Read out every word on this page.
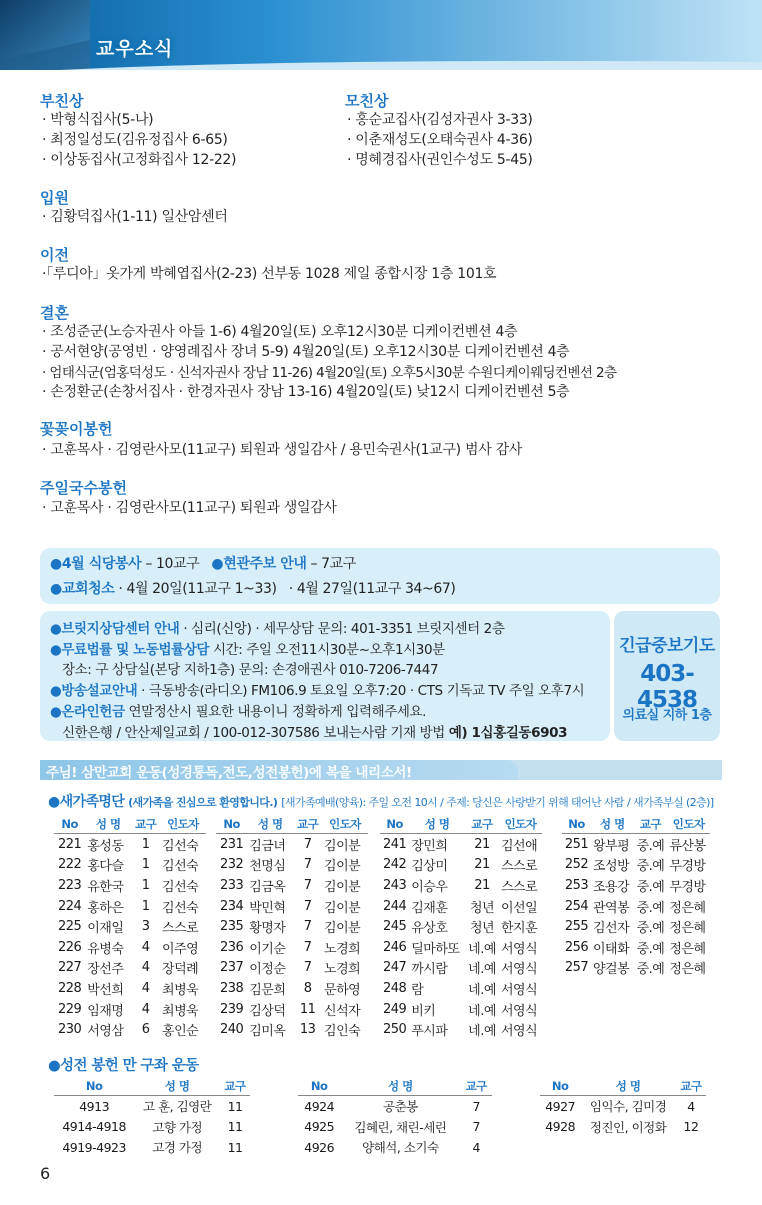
교우소식
부친상
· 박형식집사(5-나)
· 최정일성도(김유정집사 6-65)
· 이상동집사(고정화집사 12-22)
모친상
· 홍순교집사(김성자권사 3-33)
· 이춘재성도(오태숙권사 4-36)
· 명혜경집사(권인수성도 5-45)
입원
· 김황덕집사(1-11) 일산암센터
이전
·「루디아」옷가게 박혜엽집사(2-23) 선부동 1028 제일 종합시장 1층 101호
결혼
· 조성준군(노승자권사 아들 1-6) 4월20일(토) 오후12시30분 디케이컨벤션 4층
· 공서현양(공영빈 · 양영례집사 장녀 5-9) 4월20일(토) 오후12시30분 디케이컨벤션 4층
· 엄태식군(엄홍덕성도 · 신석자권사 장남 11-26) 4월20일(토) 오후5시30분 수원디케이웨딩컨벤션 2층
· 손정환군(손창서집사 · 한경자권사 장남 13-16) 4월20일(토) 낮12시 디케이컨벤션 5층
꽃꽂이봉헌
· 고훈목사 · 김영란사모(11교구) 퇴원과 생일감사 / 용민숙권사(1교구) 범사 감사
주일국수봉헌
· 고훈목사 · 김영란사모(11교구) 퇴원과 생일감사
●4월 식당봉사 – 10교구 ●현관주보 안내 – 7교구
●교회청소 · 4월 20일(11교구 1~33)   · 4월 27일(11교구 34~67)
●브릿지상담센터 안내 · 심리(신앙) · 세무상담 문의: 401-3351 브릿지센터 2층
●무료법률 및 노동법률상담 시간: 주일 오전11시30분~오후1시30분
장소: 구 상담실(본당 지하1층) 문의: 손경애권사 010-7206-7447
●방송설교안내 · 극동방송(라디오) FM106.9 토요일 오후7:20 · CTS 기독교 TV 주일 오후7시
●온라인헌금 연말정산시 필요한 내용이니 정확하게 입력해주세요.
신한은행 / 안산제일교회 / 100-012-307586 보내는사람 기재 방법 예) 1십홍길동6903
긴급중보기도
403-4538
의료실 지하 1층
주님! 삼만교회 운동(성경통독,전도,성전봉헌)에 복을 내리소서!
●새가족명단 (새가족을 진심으로 환영합니다.) [새가족예배(양육): 주일 오전 10시 / 주제: 당신은 사랑받기 위해 태어난 사람 / 새가족부실 (2층)]
No	성 명	교구	인도자
221	홍성동	1	김선숙
222	홍다슬	1	김선숙
223	유한국	1	김선숙
224	홍하은	1	김선숙
225	이재일	3	스스로
226	유병숙	4	이주영
227	장선주	4	장덕례
228	박선희	4	최병욱
229	임재명	4	최병욱
230	서영삼	6	홍인순
No	성 명	교구	인도자
231	김금녀	7	김이분
232	천명심	7	김이분
233	김금옥	7	김이분
234	박민혁	7	김이분
235	황명자	7	김이분
236	이기순	7	노경희
237	이정순	7	노경희
238	김문희	8	문하영
239	김상덕	11	신석자
240	김미옥	13	김인숙
No	성 명	교구	인도자
241	장민희	21	김선애
242	김상미	21	스스로
243	이승우	21	스스로
244	김재훈	청년	이선일
245	유상호	청년	한지훈
246	딜마하또	네.예	서영식
247	까시람	네.예	서영식
248	람	네.예	서영식
249	비키	네.예	서영식
250	푸시파	네.예	서영식
No	성 명	교구	인도자
251	왕부평	중.예	류산봉
252	조성방	중.예	무경방
253	조용강	중.예	무경방
254	관역봉	중.예	정은혜
255	김선자	중.예	정은혜
256	이태화	중.예	정은혜
257	양걸봉	중.예	정은혜
●성전 봉헌 만 구좌 운동
No	성 명	교구
4913	고 훈, 김영란	11
4914-4918	고향 가정	11
4919-4923	고경 가정	11
No	성 명	교구
4924	공춘봉	7
4925	김혜린, 채린-세린	7
4926	양해석, 소기숙	4
No	성 명	교구
4927	임익수, 김미경	4
4928	정진인, 이정화	12
6
